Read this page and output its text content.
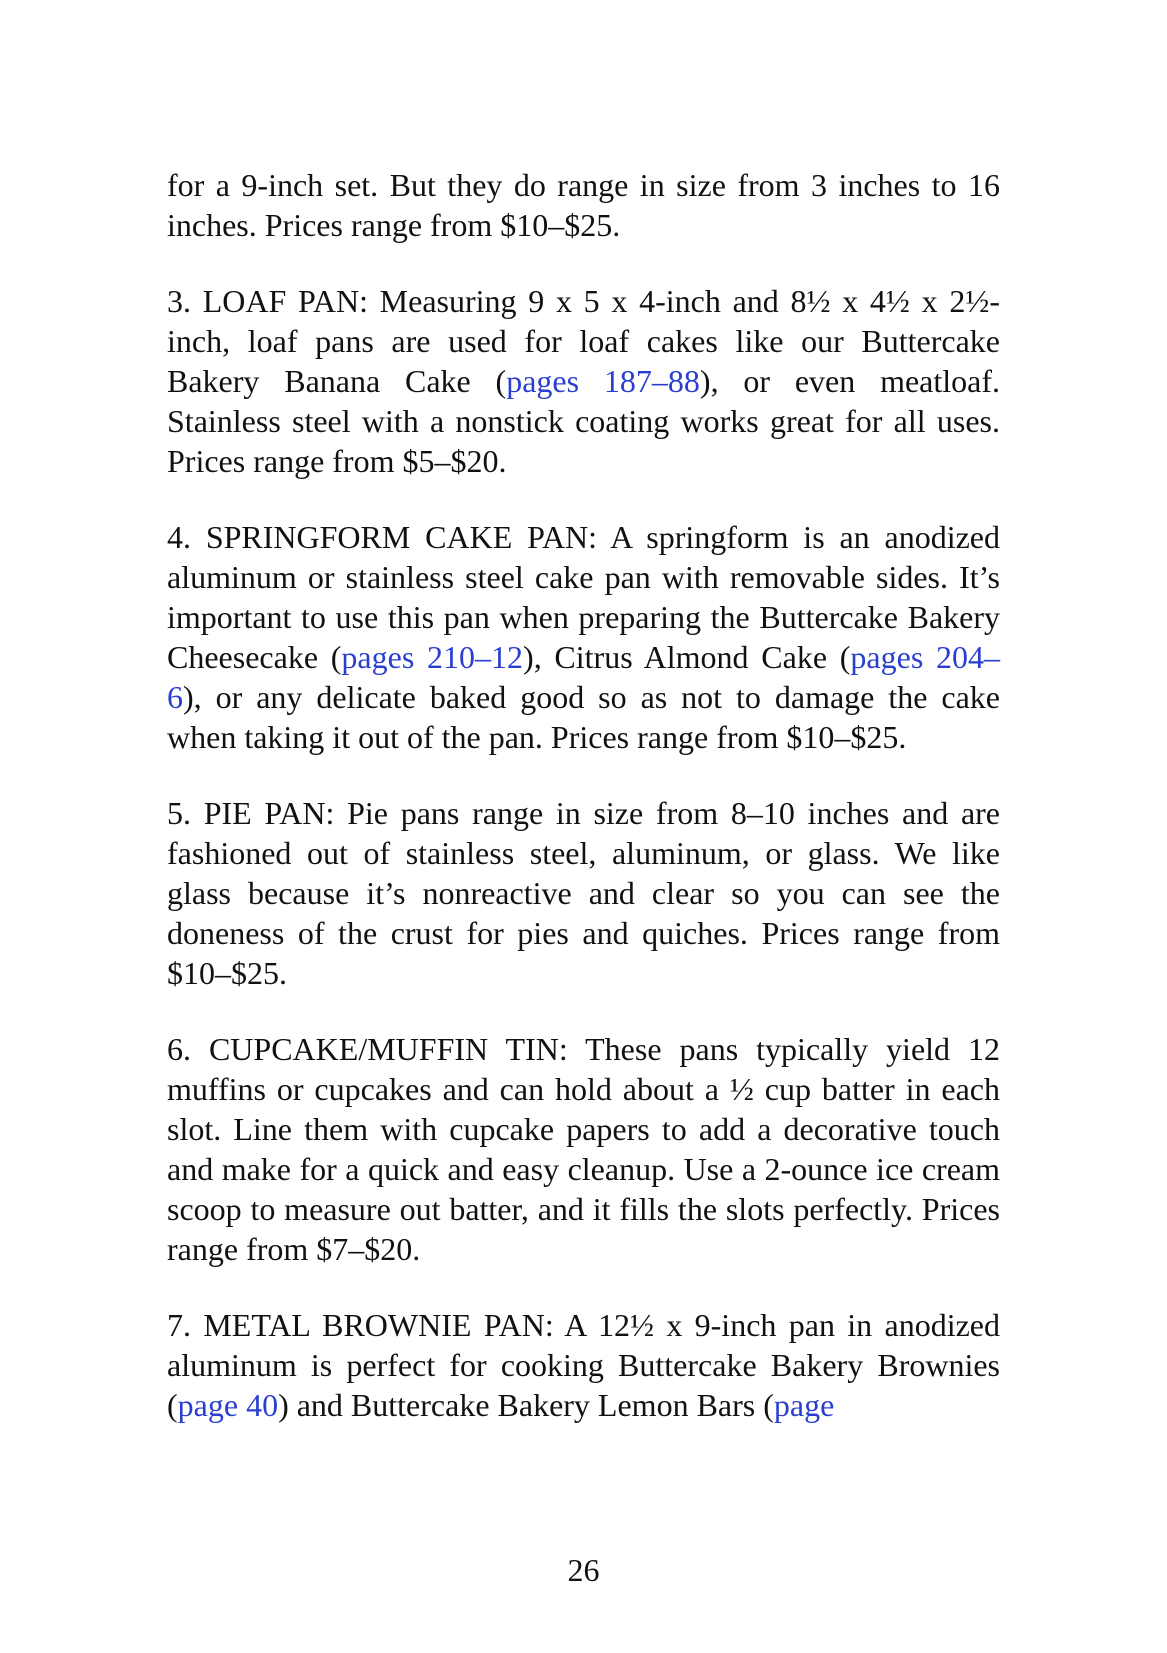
for a 9-inch set. But they do range in size from 3 inches to 16 inches. Prices range from $10–$25.

3. LOAF PAN: Measuring 9 x 5 x 4-inch and 8½ x 4½ x 2½-inch, loaf pans are used for loaf cakes like our Buttercake Bakery Banana Cake (pages 187–88), or even meatloaf. Stainless steel with a nonstick coating works great for all uses. Prices range from $5–$20.

4. SPRINGFORM CAKE PAN: A springform is an anodized aluminum or stainless steel cake pan with removable sides. It’s important to use this pan when preparing the Buttercake Bakery Cheesecake (pages 210–12), Citrus Almond Cake (pages 204–6), or any delicate baked good so as not to damage the cake when taking it out of the pan. Prices range from $10–$25.

5. PIE PAN: Pie pans range in size from 8–10 inches and are fashioned out of stainless steel, aluminum, or glass. We like glass because it’s nonreactive and clear so you can see the doneness of the crust for pies and quiches. Prices range from $10–$25.

6. CUPCAKE/MUFFIN TIN: These pans typically yield 12 muffins or cupcakes and can hold about a ½ cup batter in each slot. Line them with cupcake papers to add a decorative touch and make for a quick and easy cleanup. Use a 2-ounce ice cream scoop to measure out batter, and it fills the slots perfectly. Prices range from $7–$20.

7. METAL BROWNIE PAN: A 12½ x 9-inch pan in anodized aluminum is perfect for cooking Buttercake Bakery Brownies (page 40) and Buttercake Bakery Lemon Bars (page

26
